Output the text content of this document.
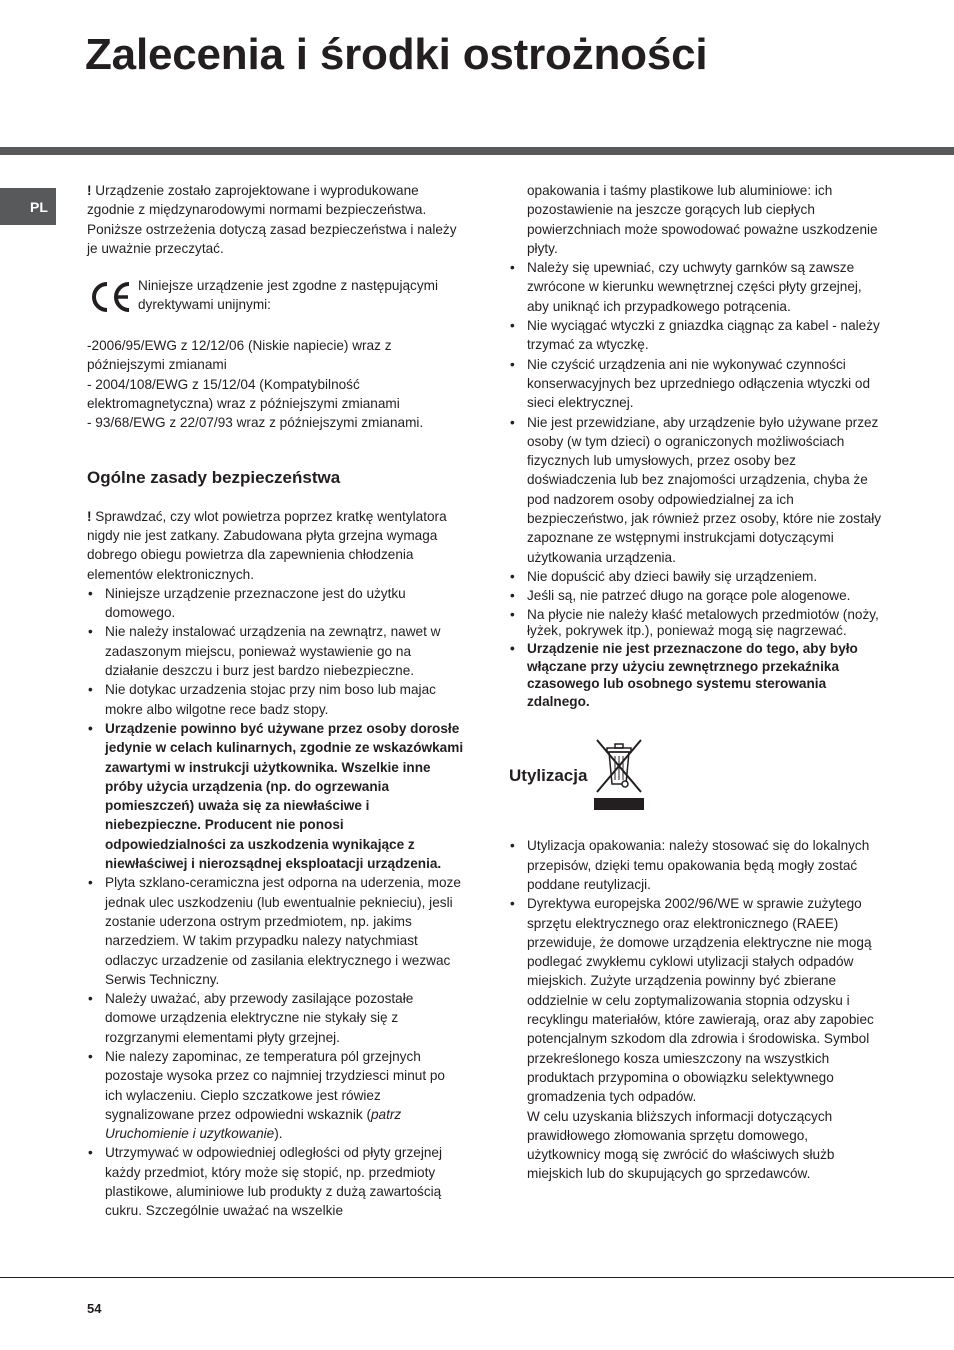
Zalecenia i środki ostrożności
PL

! Urządzenie zostało zaprojektowane i wyprodukowane zgodnie z międzynarodowymi normami bezpieczeństwa. Poniższe ostrzeżenia dotyczą zasad bezpieczeństwa i należy je uważnie przeczytać.

Niniejsze urządzenie jest zgodne z następującymi dyrektywami unijnymi:
-2006/95/EWG z 12/12/06 (Niskie napiecie) wraz z późniejszymi zmianami
- 2004/108/EWG z 15/12/04 (Kompatybilność elektromagnetyczna) wraz z późniejszymi zmianami
- 93/68/EWG z 22/07/93 wraz z późniejszymi zmianami.
Ogólne zasady bezpieczeństwa

! Sprawdzać, czy wlot powietrza poprzez kratkę wentylatora nigdy nie jest zatkany. Zabudowana płyta grzejna wymaga dobrego obiegu powietrza dla zapewnienia chłodzenia elementów elektronicznych.

• Niniejsze urządzenie przeznaczone jest do użytku domowego.
• Nie należy instalować urządzenia na zewnątrz, nawet w zadaszonym miejscu, ponieważ wystawienie go na działanie deszczu i burz jest bardzo niebezpieczne.
• Nie dotykac urzadzenia stojac przy nim boso lub majac mokre albo wilgotne rece badz stopy.
• Urządzenie powinno być używane przez osoby dorosłe jedynie w celach kulinarnych, zgodnie ze wskazówkami zawartymi w instrukcji użytkownika. Wszelkie inne próby użycia urządzenia (np. do ogrzewania pomieszczeń) uważa się za niewłaściwe i niebezpieczne. Producent nie ponosi odpowiedzialności za uszkodzenia wynikające z niewłaściwej i nierozsądnej eksploatacji urządzenia.
• Plyta szklano-ceramiczna jest odporna na uderzenia, moze jednak ulec uszkodzeniu (lub ewentualnie peknieciu), jesli zostanie uderzona ostrym przedmiotem, np. jakims narzedziem. W takim przypadku nalezy natychmiast odlaczyc urzadzenie od zasilania elektrycznego i wezwac Serwis Techniczny.
• Należy uważać, aby przewody zasilające pozostałe domowe urządzenia elektryczne nie stykały się z rozgrzanymi elementami płyty grzejnej.
• Nie nalezy zapominac, ze temperatura pól grzejnych pozostaje wysoka przez co najmniej trzydziesci minut po ich wylaczeniu. Cieplo szczatkowe jest rówiez sygnalizowane przez odpowiedni wskaznik (patrz Uruchomienie i uzytkowanie).
• Utrzymywać w odpowiedniej odległości od płyty grzejnej każdy przedmiot, który może się stopić, np. przedmioty plastikowe, aluminiowe lub produkty z dużą zawartością cukru. Szczególnie uważać na wszelkie
opakowania i taśmy plastikowe lub aluminiowe: ich pozostawienie na jeszcze gorących lub ciepłych powierzchniach może spowodować poważne uszkodzenie płyty.
• Należy się upewniać, czy uchwyty garnków są zawsze zwrócone w kierunku wewnętrznej części płyty grzejnej, aby uniknąć ich przypadkowego potrącenia.
• Nie wyciągać wtyczki z gniazdka ciągnąc za kabel - należy trzymać za wtyczkę.
• Nie czyścić urządzenia ani nie wykonywać czynności konserwacyjnych bez uprzedniego odłączenia wtyczki od sieci elektrycznej.
• Nie jest przewidziane, aby urządzenie było używane przez osoby (w tym dzieci) o ograniczonych możliwościach fizycznych lub umysłowych, przez osoby bez doświadczenia lub bez znajomości urządzenia, chyba że pod nadzorem osoby odpowiedzialnej za ich bezpieczeństwo, jak również przez osoby, które nie zostały zapoznane ze wstępnymi instrukcjami dotyczącymi użytkowania urządzenia.
• Nie dopuścić aby dzieci bawiły się urządzeniem.
• Jeśli są, nie patrzeć długo na gorące pole alogenowe.
• Na płycie nie należy kłaść metalowych przedmiotów (noży, łyżek, pokrywek itp.), ponieważ mogą się nagrzewać.
• Urządzenie nie jest przeznaczone do tego, aby było włączane przy użyciu zewnętrznego przekaźnika czasowego lub osobnego systemu sterowania zdalnego.
Utylizacja
• Utylizacja opakowania: należy stosować się do lokalnych przepisów, dzięki temu opakowania będą mogły zostać poddane reutylizacji.
• Dyrektywa europejska 2002/96/WE w sprawie zużytego sprzętu elektrycznego oraz elektronicznego (RAEE) przewiduje, że domowe urządzenia elektryczne nie mogą podlegać zwykłemu cyklowi utylizacji stałych odpadów miejskich. Zużyte urządzenia powinny być zbierane oddzielnie w celu zoptymalizowania stopnia odzysku i recyklingu materiałów, które zawierają, oraz aby zapobiec potencjalnym szkodom dla zdrowia i środowiska. Symbol przekreślonego kosza umieszczony na wszystkich produktach przypomina o obowiązku selektywnego gromadzenia tych odpadów.
W celu uzyskania bliższych informacji dotyczących prawidłowego złomowania sprzętu domowego, użytkownicy mogą się zwrócić do właściwych służb miejskich lub do skupujących go sprzedawców.
54
